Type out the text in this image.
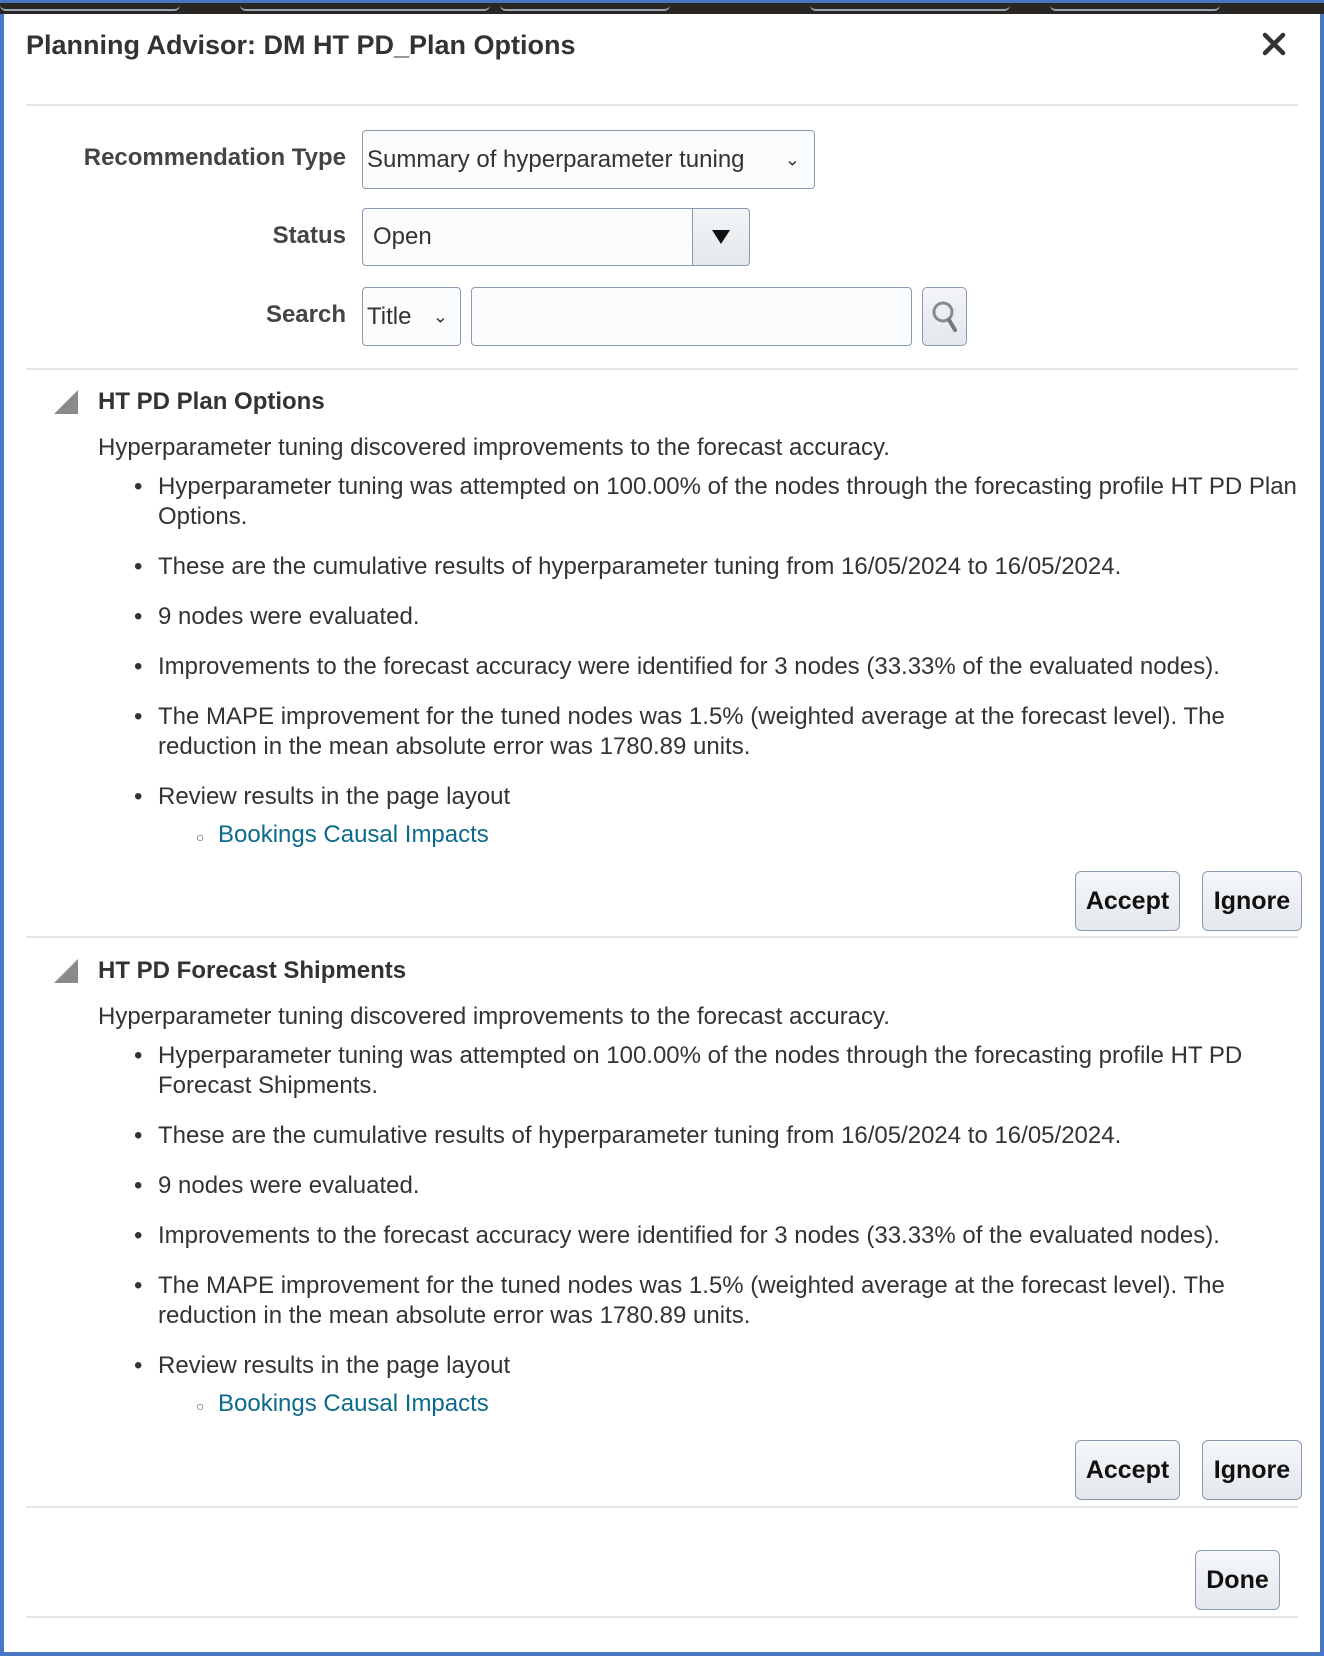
Planning Advisor: DM HT PD_Plan Options
Recommendation Type Summary of hyperparameter tuning ⌄
Status	Open
Search Title ⌄
HT PD Plan Options
Hyperparameter tuning discovered improvements to the forecast accuracy.
• Hyperparameter tuning was attempted on 100.00% of the nodes through the forecasting profile HT PD Plan Options.
• These are the cumulative results of hyperparameter tuning from 16/05/2024 to 16/05/2024.
• 9 nodes were evaluated.
• Improvements to the forecast accuracy were identified for 3 nodes (33.33% of the evaluated nodes).
• The MAPE improvement for the tuned nodes was 1.5% (weighted average at the forecast level). The reduction in the mean absolute error was 1780.89 units.
• Review results in the page layout
○ Bookings Causal Impacts
Accept	Ignore
HT PD Forecast Shipments
Hyperparameter tuning discovered improvements to the forecast accuracy.
• Hyperparameter tuning was attempted on 100.00% of the nodes through the forecasting profile HT PD Forecast Shipments.
• These are the cumulative results of hyperparameter tuning from 16/05/2024 to 16/05/2024.
• 9 nodes were evaluated.
• Improvements to the forecast accuracy were identified for 3 nodes (33.33% of the evaluated nodes).
• The MAPE improvement for the tuned nodes was 1.5% (weighted average at the forecast level). The reduction in the mean absolute error was 1780.89 units.
• Review results in the page layout
○ Bookings Causal Impacts
Accept	Ignore
Done
